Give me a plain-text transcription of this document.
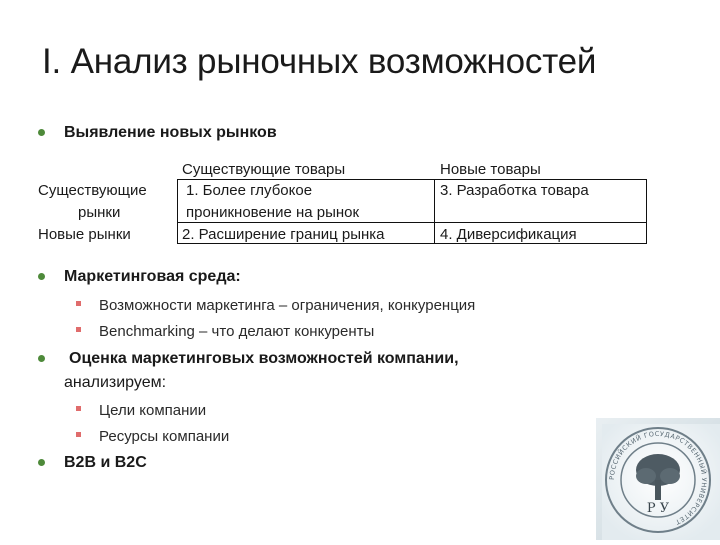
I. Анализ рыночных возможностей
Выявление новых рынков
Существующие товары	Новые товары
Существующие
рынки
Новые рынки
1. Более глубокое
проникновение на рынок
3. Разработка товара
2. Расширение границ рынка	4. Диверсификация
Маркетинговая среда:
Возможности маркетинга – ограничения, конкуренция
Benchmarking – что делают конкуренты
Оценка маркетинговых возможностей компании,
анализируем:
Цели компании
Ресурсы компании
B2B и B2C
РОССИЙСКИЙ ГОСУДАРСТВЕННЫЙ УНИВЕРСИТЕТ
Р У
